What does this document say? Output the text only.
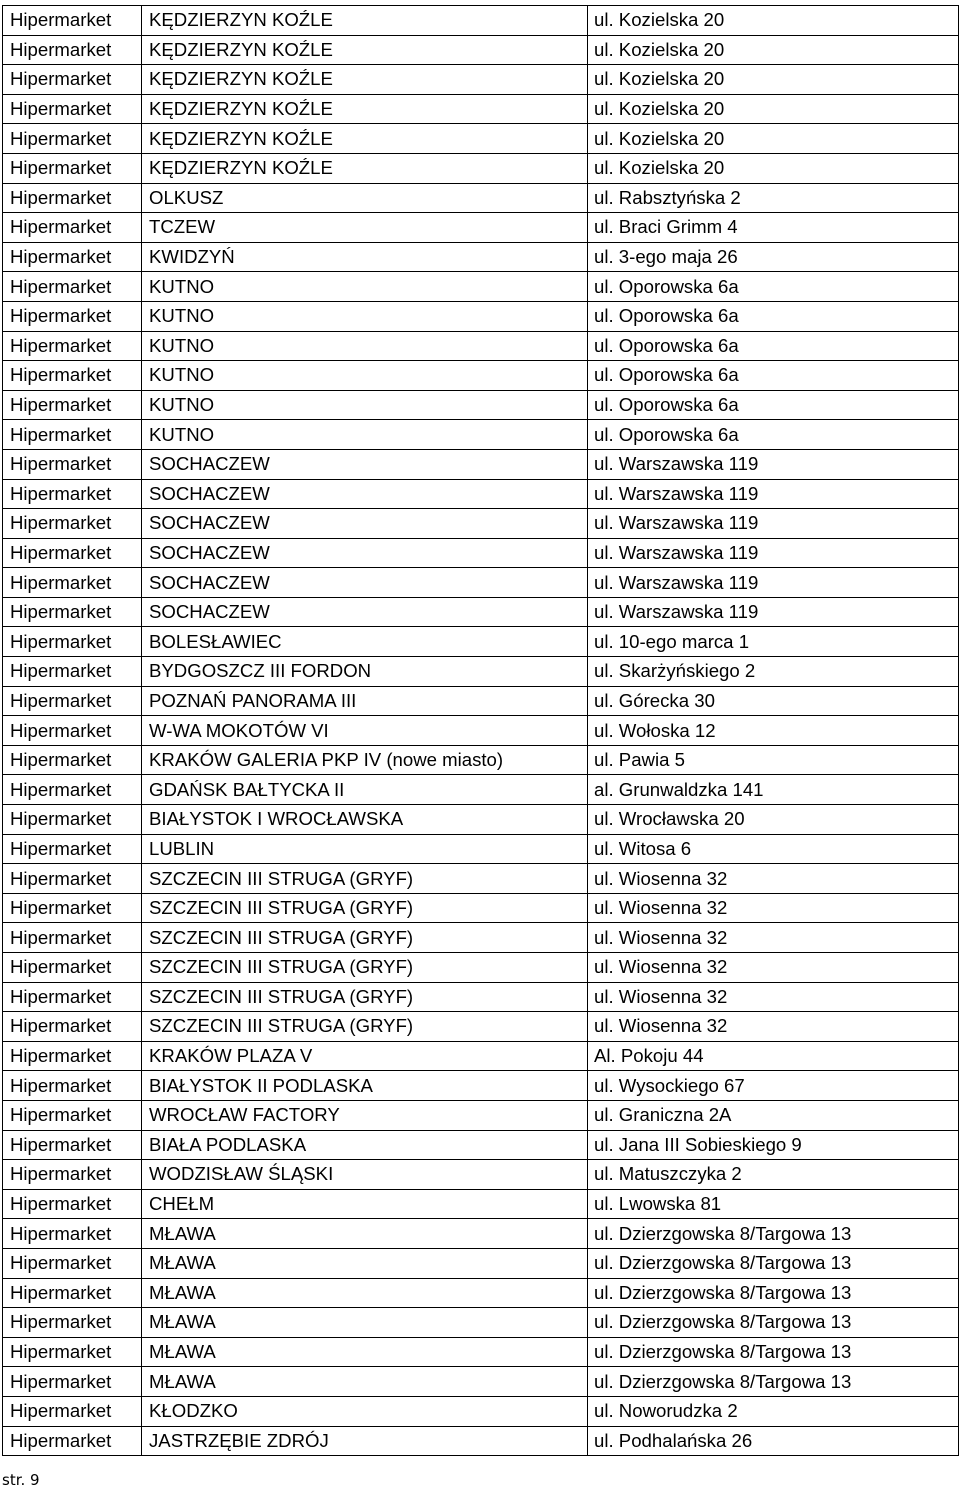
Hipermarket	KĘDZIERZYN KOŹLE	ul. Kozielska 20
Hipermarket	KĘDZIERZYN KOŹLE	ul. Kozielska 20
Hipermarket	KĘDZIERZYN KOŹLE	ul. Kozielska 20
Hipermarket	KĘDZIERZYN KOŹLE	ul. Kozielska 20
Hipermarket	KĘDZIERZYN KOŹLE	ul. Kozielska 20
Hipermarket	KĘDZIERZYN KOŹLE	ul. Kozielska 20
Hipermarket	OLKUSZ	ul. Rabsztyńska 2
Hipermarket	TCZEW	ul. Braci Grimm 4
Hipermarket	KWIDZYŃ	ul. 3-ego maja 26
Hipermarket	KUTNO	ul. Oporowska 6a
Hipermarket	KUTNO	ul. Oporowska 6a
Hipermarket	KUTNO	ul. Oporowska 6a
Hipermarket	KUTNO	ul. Oporowska 6a
Hipermarket	KUTNO	ul. Oporowska 6a
Hipermarket	KUTNO	ul. Oporowska 6a
Hipermarket	SOCHACZEW	ul. Warszawska 119
Hipermarket	SOCHACZEW	ul. Warszawska 119
Hipermarket	SOCHACZEW	ul. Warszawska 119
Hipermarket	SOCHACZEW	ul. Warszawska 119
Hipermarket	SOCHACZEW	ul. Warszawska 119
Hipermarket	SOCHACZEW	ul. Warszawska 119
Hipermarket	BOLESŁAWIEC	ul. 10-ego marca 1
Hipermarket	BYDGOSZCZ III FORDON	ul. Skarżyńskiego 2
Hipermarket	POZNAŃ PANORAMA III	ul. Górecka 30
Hipermarket	W-WA MOKOTÓW VI	ul. Wołoska 12
Hipermarket	KRAKÓW GALERIA PKP IV (nowe miasto)	ul. Pawia 5
Hipermarket	GDAŃSK BAŁTYCKA II	al. Grunwaldzka 141
Hipermarket	BIAŁYSTOK I WROCŁAWSKA	ul. Wrocławska 20
Hipermarket	LUBLIN	ul. Witosa 6
Hipermarket	SZCZECIN III STRUGA (GRYF)	ul. Wiosenna 32
Hipermarket	SZCZECIN III STRUGA (GRYF)	ul. Wiosenna 32
Hipermarket	SZCZECIN III STRUGA (GRYF)	ul. Wiosenna 32
Hipermarket	SZCZECIN III STRUGA (GRYF)	ul. Wiosenna 32
Hipermarket	SZCZECIN III STRUGA (GRYF)	ul. Wiosenna 32
Hipermarket	SZCZECIN III STRUGA (GRYF)	ul. Wiosenna 32
Hipermarket	KRAKÓW PLAZA V	Al. Pokoju 44
Hipermarket	BIAŁYSTOK II PODLASKA	ul. Wysockiego 67
Hipermarket	WROCŁAW FACTORY	ul. Graniczna 2A
Hipermarket	BIAŁA PODLASKA	ul. Jana III Sobieskiego 9
Hipermarket	WODZISŁAW ŚLĄSKI	ul. Matuszczyka 2
Hipermarket	CHEŁM	ul. Lwowska 81
Hipermarket	MŁAWA	ul. Dzierzgowska 8/Targowa 13
Hipermarket	MŁAWA	ul. Dzierzgowska 8/Targowa 13
Hipermarket	MŁAWA	ul. Dzierzgowska 8/Targowa 13
Hipermarket	MŁAWA	ul. Dzierzgowska 8/Targowa 13
Hipermarket	MŁAWA	ul. Dzierzgowska 8/Targowa 13
Hipermarket	MŁAWA	ul. Dzierzgowska 8/Targowa 13
Hipermarket	KŁODZKO	ul. Noworudzka 2
Hipermarket	JASTRZĘBIE ZDRÓJ	ul. Podhalańska 26
str. 9
